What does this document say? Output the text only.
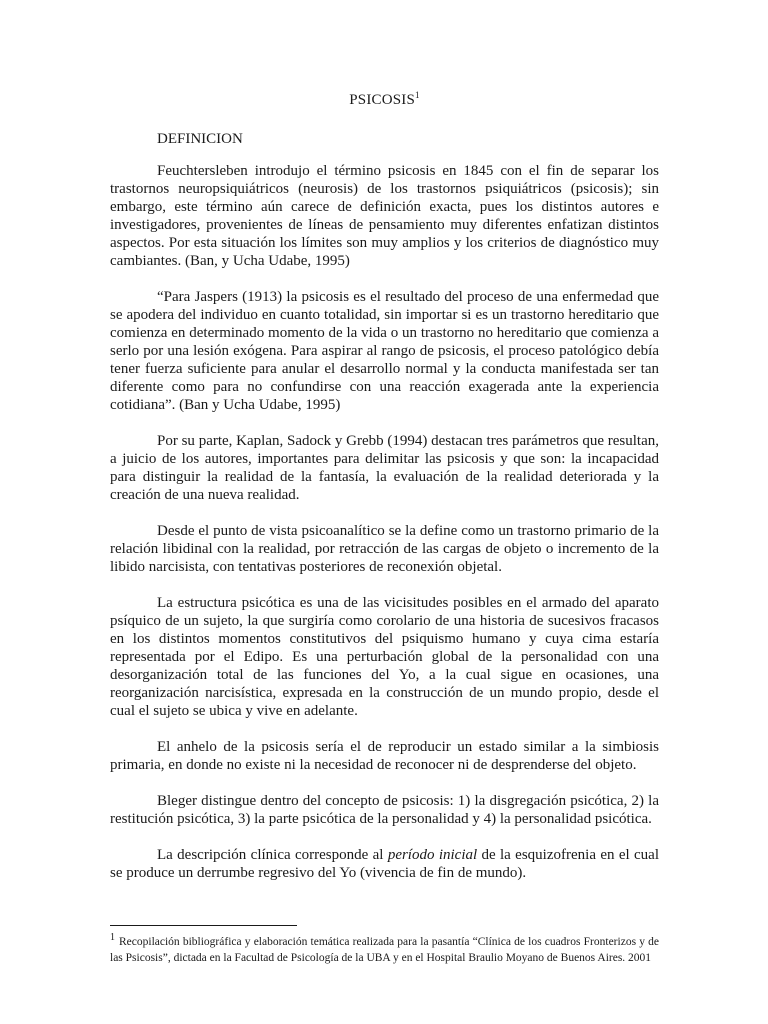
PSICOSIS$^1$
DEFINICION

Feuchtersleben introdujo el término psicosis en 1845 con el fin de separar los trastornos neuropsiquiátricos (neurosis) de los trastornos psiquiátricos (psicosis); sin embargo, este término aún carece de definición exacta, pues los distintos autores e investigadores, provenientes de líneas de pensamiento muy diferentes enfatizan distintos aspectos. Por esta situación los límites son muy amplios y los criterios de diagnóstico muy cambiantes. (Ban, y Ucha Udabe, 1995)

“Para Jaspers (1913) la psicosis es el resultado del proceso de una enfermedad que se apodera del individuo en cuanto totalidad, sin importar si es un trastorno hereditario que comienza en determinado momento de la vida o un trastorno no hereditario que comienza a serlo por una lesión exógena. Para aspirar al rango de psicosis, el proceso patológico debía tener fuerza suficiente para anular el desarrollo normal y la conducta manifestada ser tan diferente como para no confundirse con una reacción exagerada ante la experiencia cotidiana”. (Ban y Ucha Udabe, 1995)

Por su parte, Kaplan, Sadock y Grebb (1994) destacan tres parámetros que resultan, a juicio de los autores, importantes para delimitar las psicosis y que son: la incapacidad para distinguir la realidad de la fantasía, la evaluación de la realidad deteriorada y la creación de una nueva realidad.

Desde el punto de vista psicoanalítico se la define como un trastorno primario de la relación libidinal con la realidad, por retracción de las cargas de objeto o incremento de la libido narcisista, con tentativas posteriores de reconexión objetal.

La estructura psicótica es una de las vicisitudes posibles en el armado del aparato psíquico de un sujeto, la que surgiría como corolario de una historia de sucesivos fracasos en los distintos momentos constitutivos del psiquismo humano y cuya cima estaría representada por el Edipo. Es una perturbación global de la personalidad con una desorganización total de las funciones del Yo, a la cual sigue en ocasiones, una reorganización narcisística, expresada en la construcción de un mundo propio, desde el cual el sujeto se ubica y vive en adelante.

El anhelo de la psicosis sería el de reproducir un estado similar a la simbiosis primaria, en donde no existe ni la necesidad de reconocer ni de desprenderse del objeto.

Bleger distingue dentro del concepto de psicosis: 1) la disgregación psicótica, 2) la restitución psicótica, 3) la parte psicótica de la personalidad y 4) la personalidad psicótica.

La descripción clínica corresponde al período inicial de la esquizofrenia en el cual se produce un derrumbe regresivo del Yo (vivencia de fin de mundo).

1 Recopilación bibliográfica y elaboración temática realizada para la pasantía “Clínica de los cuadros Fronterizos y de las Psicosis”, dictada en la Facultad de Psicología de la UBA y en el Hospital Braulio Moyano de Buenos Aires. 2001
